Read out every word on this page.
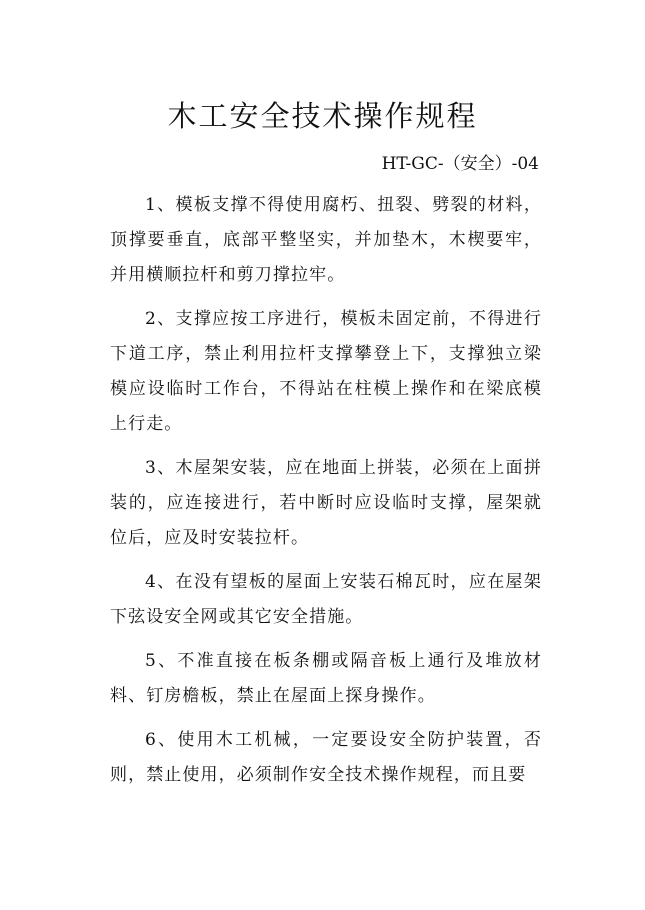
木工安全技术操作规程
HT-GC-（安全）-04

1、模板支撑不得使用腐朽、扭裂、劈裂的材料，顶撑要垂直，底部平整坚实，并加垫木，木楔要牢，并用横顺拉杆和剪刀撑拉牢。

2、支撑应按工序进行，模板未固定前，不得进行下道工序，禁止利用拉杆支撑攀登上下，支撑独立梁模应设临时工作台，不得站在柱模上操作和在梁底模上行走。

3、木屋架安装，应在地面上拼装，必须在上面拼装的，应连接进行，若中断时应设临时支撑，屋架就位后，应及时安装拉杆。

4、在没有望板的屋面上安装石棉瓦时，应在屋架下弦设安全网或其它安全措施。

5、不准直接在板条棚或隔音板上通行及堆放材料、钉房檐板，禁止在屋面上探身操作。

6、使用木工机械，一定要设安全防护装置，否则，禁止使用，必须制作安全技术操作规程，而且要
